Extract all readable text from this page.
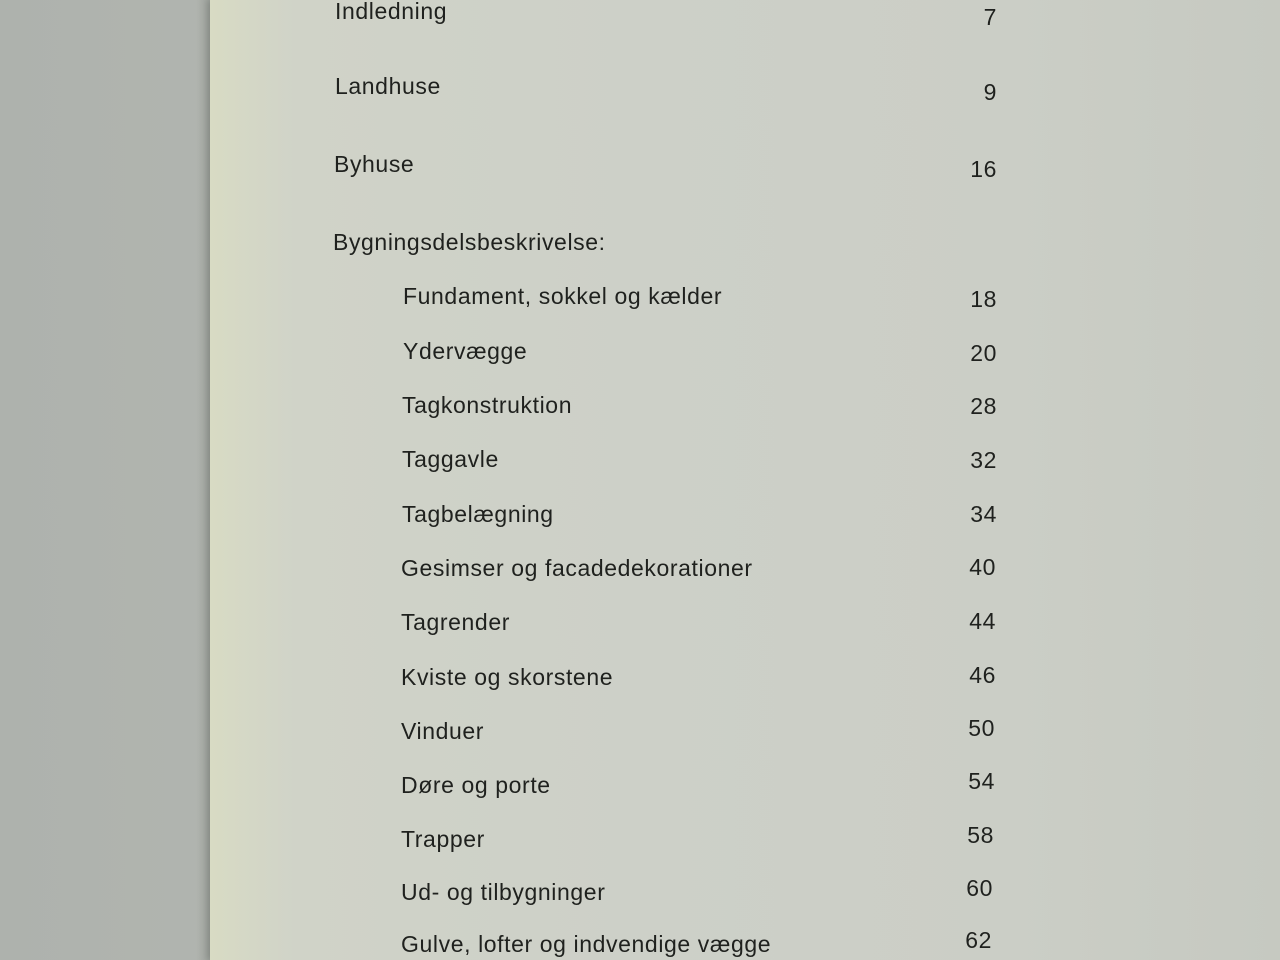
Indledning	7
Landhuse	9
Byhuse	16
Bygningsdelsbeskrivelse:
Fundament, sokkel og kælder	18
Ydervægge	20
Tagkonstruktion	28
Taggavle	32
Tagbelægning	34
Gesimser og facadedekorationer	40
Tagrender	44
Kviste og skorstene	46
Vinduer	50
Døre og porte	54
Trapper	58
Ud- og tilbygninger	60
Gulve, lofter og indvendige vægge	62
